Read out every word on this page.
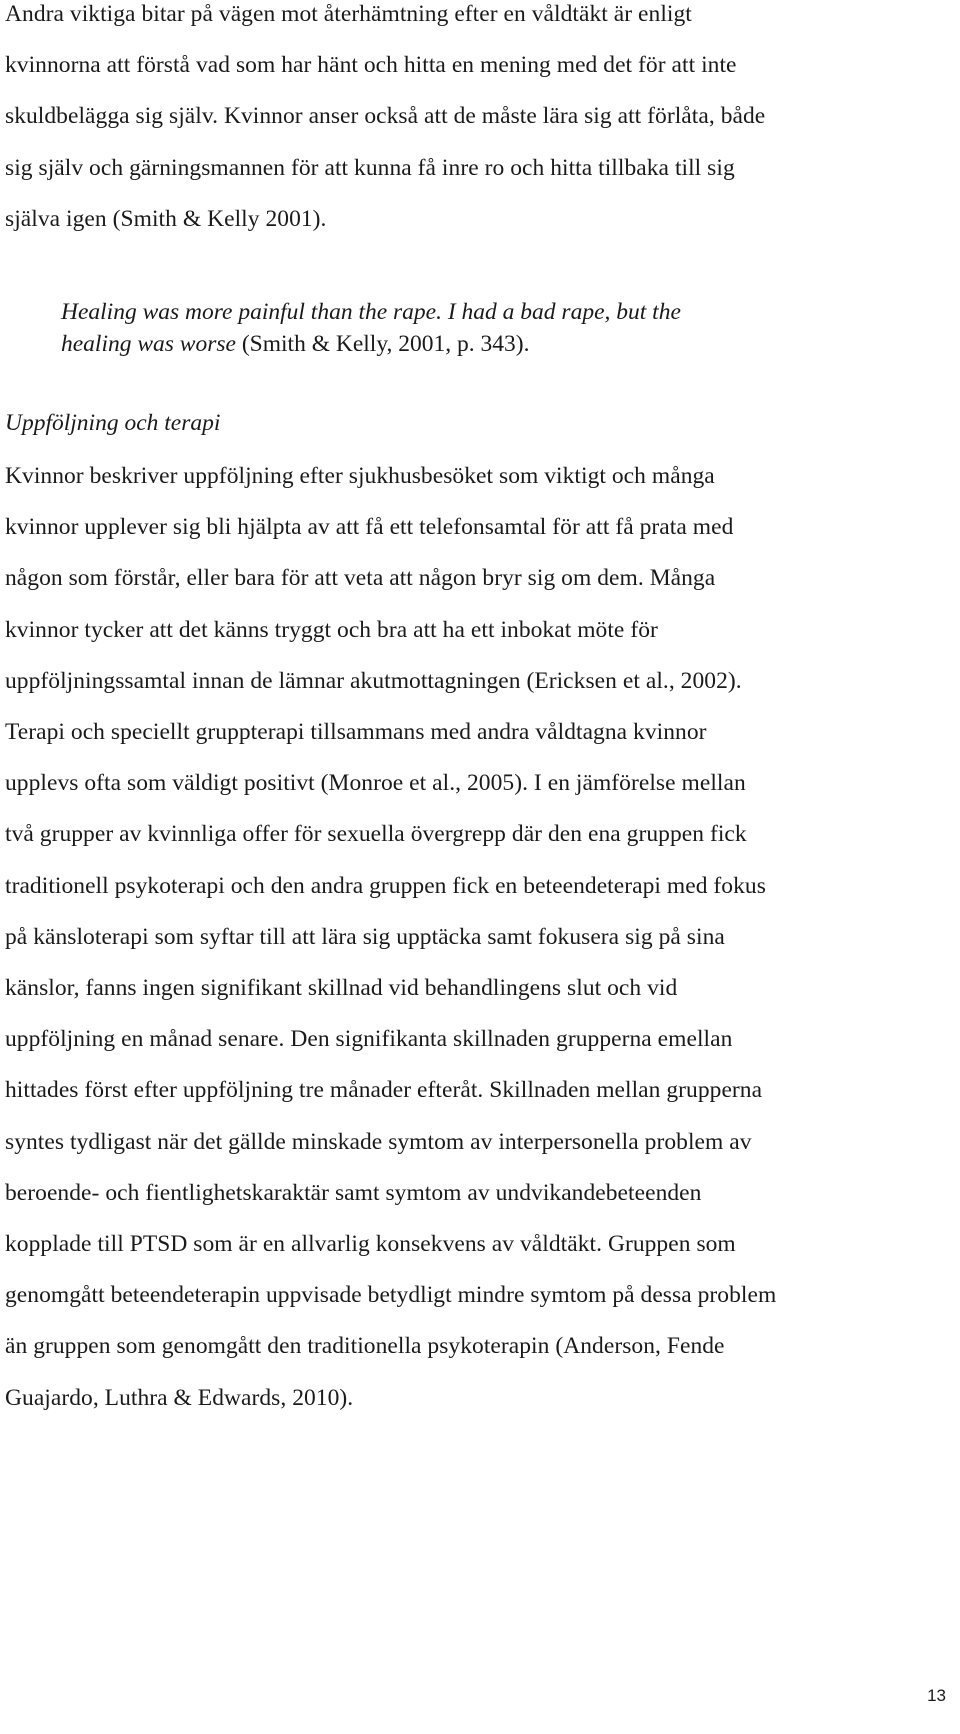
Andra viktiga bitar på vägen mot återhämtning efter en våldtäkt är enligt
kvinnorna att förstå vad som har hänt och hitta en mening med det för att inte
skuldbelägga sig själv. Kvinnor anser också att de måste lära sig att förlåta, både
sig själv och gärningsmannen för att kunna få inre ro och hitta tillbaka till sig
själva igen (Smith & Kelly 2001).

Healing was more painful than the rape. I had a bad rape, but the
healing was worse (Smith & Kelly, 2001, p. 343).
Uppföljning och terapi

Kvinnor beskriver uppföljning efter sjukhusbesöket som viktigt och många
kvinnor upplever sig bli hjälpta av att få ett telefonsamtal för att få prata med
någon som förstår, eller bara för att veta att någon bryr sig om dem. Många
kvinnor tycker att det känns tryggt och bra att ha ett inbokat möte för
uppföljningssamtal innan de lämnar akutmottagningen (Ericksen et al., 2002).
Terapi och speciellt gruppterapi tillsammans med andra våldtagna kvinnor
upplevs ofta som väldigt positivt (Monroe et al., 2005). I en jämförelse mellan
två grupper av kvinnliga offer för sexuella övergrepp där den ena gruppen fick
traditionell psykoterapi och den andra gruppen fick en beteendeterapi med fokus
på känsloterapi som syftar till att lära sig upptäcka samt fokusera sig på sina
känslor, fanns ingen signifikant skillnad vid behandlingens slut och vid
uppföljning en månad senare. Den signifikanta skillnaden grupperna emellan
hittades först efter uppföljning tre månader efteråt. Skillnaden mellan grupperna
syntes tydligast när det gällde minskade symtom av interpersonella problem av
beroende- och fientlighetskaraktär samt symtom av undvikandebeteenden
kopplade till PTSD som är en allvarlig konsekvens av våldtäkt. Gruppen som
genomgått beteendeterapin uppvisade betydligt mindre symtom på dessa problem
än gruppen som genomgått den traditionella psykoterapin (Anderson, Fende
Guajardo, Luthra & Edwards, 2010).

13
